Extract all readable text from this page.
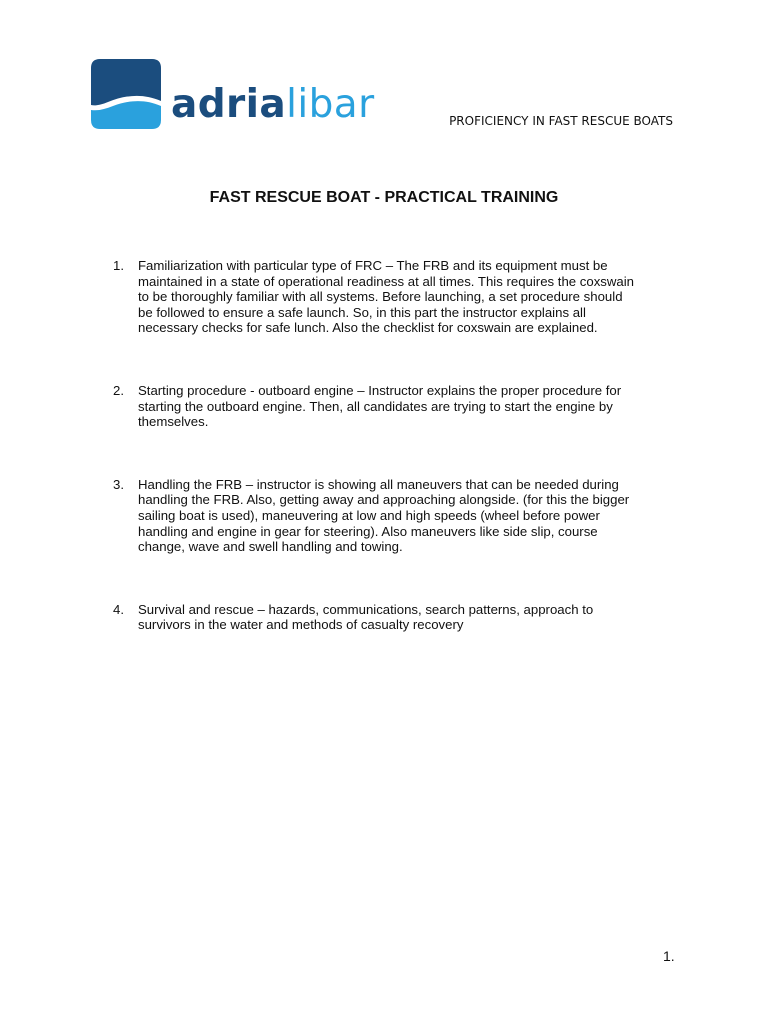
adrialibar	PROFICIENCY IN FAST RESCUE BOATS
FAST RESCUE BOAT - PRACTICAL TRAINING
1. Familiarization with particular type of FRC – The FRB and its equipment must be
maintained in a state of operational readiness at all times. This requires the coxswain
to be thoroughly familiar with all systems. Before launching, a set procedure should
be followed to ensure a safe launch. So, in this part the instructor explains all
necessary checks for safe lunch. Also the checklist for coxswain are explained.
2. Starting procedure - outboard engine – Instructor explains the proper procedure for
starting the outboard engine. Then, all candidates are trying to start the engine by
themselves.
3. Handling the FRB – instructor is showing all maneuvers that can be needed during
handling the FRB. Also, getting away and approaching alongside. (for this the bigger
sailing boat is used), maneuvering at low and high speeds (wheel before power
handling and engine in gear for steering). Also maneuvers like side slip, course
change, wave and swell handling and towing.
4. Survival and rescue – hazards, communications, search patterns, approach to
survivors in the water and methods of casualty recovery
1.
